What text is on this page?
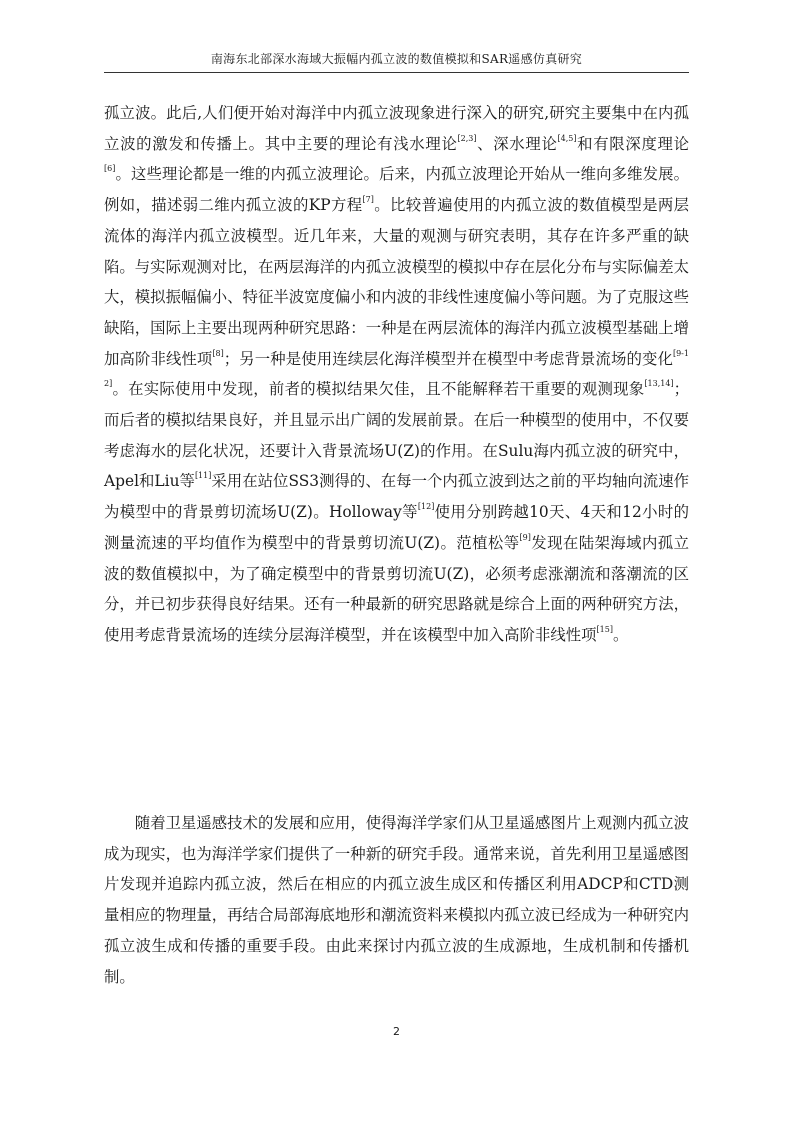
南海东北部深水海域大振幅内孤立波的数值模拟和SAR遥感仿真研究

孤立波。此后,人们便开始对海洋中内孤立波现象进行深入的研究,研究主要集中在内孤立波的激发和传播上。其中主要的理论有浅水理论[2,3]、深水理论[4,5]和有限深度理论[6]。这些理论都是一维的内孤立波理论。后来，内孤立波理论开始从一维向多维发展。例如，描述弱二维内孤立波的KP方程[7]。比较普遍使用的内孤立波的数值模型是两层流体的海洋内孤立波模型。近几年来，大量的观测与研究表明，其存在许多严重的缺陷。与实际观测对比，在两层海洋的内孤立波模型的模拟中存在层化分布与实际偏差太大，模拟振幅偏小、特征半波宽度偏小和内波的非线性速度偏小等问题。为了克服这些缺陷，国际上主要出现两种研究思路：一种是在两层流体的海洋内孤立波模型基础上增加高阶非线性项[8]；另一种是使用连续层化海洋模型并在模型中考虑背景流场的变化[9-12]。在实际使用中发现，前者的模拟结果欠佳，且不能解释若干重要的观测现象[13,14]；而后者的模拟结果良好，并且显示出广阔的发展前景。在后一种模型的使用中，不仅要考虑海水的层化状况，还要计入背景流场U(Z)的作用。在Sulu海内孤立波的研究中，Apel和Liu等[11]采用在站位SS3测得的、在每一个内孤立波到达之前的平均轴向流速作为模型中的背景剪切流场U(Z)。Holloway等[12]使用分别跨越10天、4天和12小时的测量流速的平均值作为模型中的背景剪切流U(Z)。范植松等[9]发现在陆架海域内孤立波的数值模拟中，为了确定模型中的背景剪切流U(Z)，必须考虑涨潮流和落潮流的区分，并已初步获得良好结果。还有一种最新的研究思路就是综合上面的两种研究方法，使用考虑背景流场的连续分层海洋模型，并在该模型中加入高阶非线性项[15]。

随着卫星遥感技术的发展和应用，使得海洋学家们从卫星遥感图片上观测内孤立波成为现实，也为海洋学家们提供了一种新的研究手段。通常来说，首先利用卫星遥感图片发现并追踪内孤立波，然后在相应的内孤立波生成区和传播区利用ADCP和CTD测量相应的物理量，再结合局部海底地形和潮流资料来模拟内孤立波已经成为一种研究内孤立波生成和传播的重要手段。由此来探讨内孤立波的生成源地，生成机制和传播机制。

2
